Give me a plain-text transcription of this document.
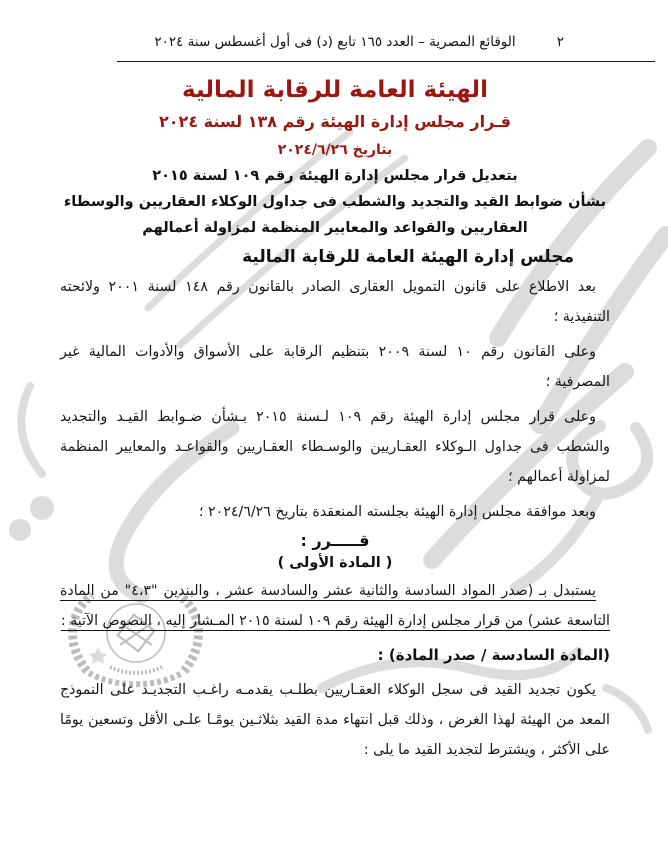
الوقائع المصرية – العدد ١٦٥ تابع (د) فى أول أغسطس سنة ٢٠٢٤	٢
الهيئة العامة للرقابة المالية
قـرار مجلس إدارة الهيئة رقم ١٣٨ لسنة ٢٠٢٤
بتاريخ ٢٠٢٤/٦/٢٦
بتعديل قرار مجلس إدارة الهيئة رقم ١٠٩ لسنة ٢٠١٥
بشأن ضوابط القيد والتجديد والشطب فى جداول الوكلاء العقاريين والوسطاء
العقاريين والقواعد والمعايير المنظمة لمزاولة أعمالهم
مجلس إدارة الهيئة العامة للرقابة المالية

بعد الاطلاع على قانون التمويل العقارى الصادر بالقانون رقم ١٤٨ لسنة ٢٠٠١ ولائحته التنفيذية ؛

وعلى القانون رقم ١٠ لسنة ٢٠٠٩ بتنظيم الرقابة على الأسواق والأدوات المالية غير المصرفية ؛

وعلى قرار مجلس إدارة الهيئة رقم ١٠٩ لـسنة ٢٠١٥ بـشأن ضـوابط القيـد والتجديد والشطب فى جداول الـوكلاء العقـاريين والوسـطاء العقـاريين والقواعـد والمعايير المنظمة لمزاولة أعمالهم ؛

وبعد موافقة مجلس إدارة الهيئة بجلسته المنعقدة بتاريخ ٢٠٢٤/٦/٢٦ ؛

قـــــرر :
( المادة الأولى )

يستبدل بـ (صدر المواد السادسة والثانية عشر والسادسة عشر ، والبندين "٤،٣" من المادة التاسعة عشر) من قرار مجلس إدارة الهيئة رقم ١٠٩ لسنة ٢٠١٥ المـشار إليه ، النصوص الآتية :

(المادة السادسة / صدر المادة) :

يكون تجديد القيد فى سجل الوكلاء العقـاريين بطلـب يقدمـه راغـب التجديـد على النموذج المعد من الهيئة لهذا الغرض ، وذلك قبل انتهاء مدة القيد بثلاثـين يومًـا علـى الأقل وتسعين يومًا على الأكثر ، ويشترط لتجديد القيد ما يلى :
